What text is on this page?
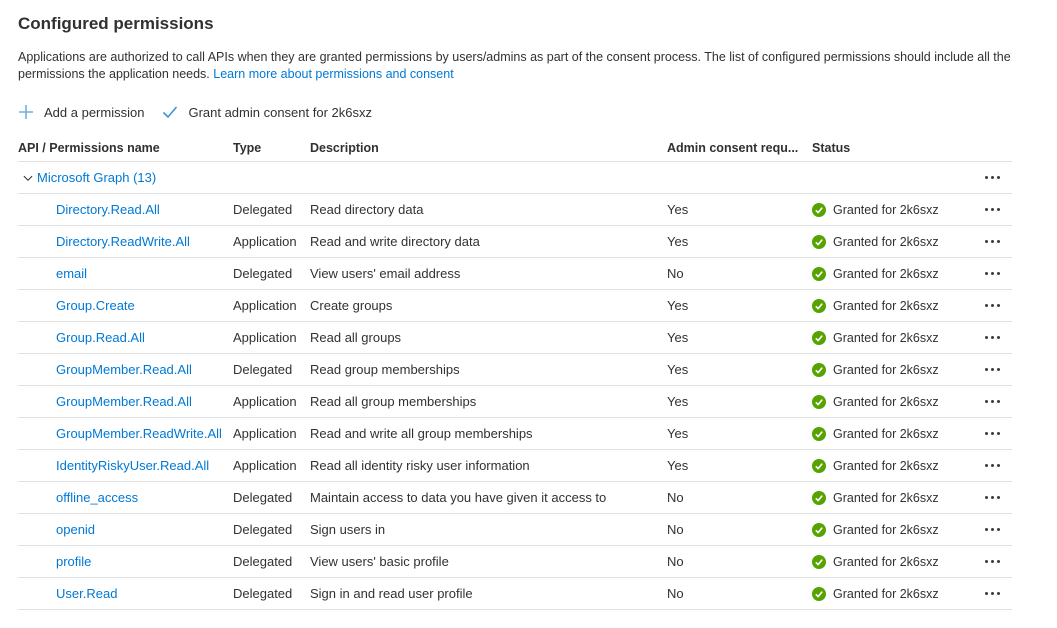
Configured permissions
Applications are authorized to call APIs when they are granted permissions by users/admins as part of the consent process. The list of configured permissions should include all the permissions the application needs. Learn more about permissions and consent
Add a permission	Grant admin consent for 2k6sxz
API / Permissions name	Type	Description	Admin consent requ...	Status
Microsoft Graph (13)
Directory.Read.All	Delegated	Read directory data	Yes	Granted for 2k6sxz
Directory.ReadWrite.All	Application	Read and write directory data	Yes	Granted for 2k6sxz
email	Delegated	View users' email address	No	Granted for 2k6sxz
Group.Create	Application	Create groups	Yes	Granted for 2k6sxz
Group.Read.All	Application	Read all groups	Yes	Granted for 2k6sxz
GroupMember.Read.All	Delegated	Read group memberships	Yes	Granted for 2k6sxz
GroupMember.Read.All	Application	Read all group memberships	Yes	Granted for 2k6sxz
GroupMember.ReadWrite.All Application	Read and write all group memberships	Yes	Granted for 2k6sxz
IdentityRiskyUser.Read.All	Application	Read all identity risky user information	Yes	Granted for 2k6sxz
offline_access	Delegated	Maintain access to data you have given it access to	No	Granted for 2k6sxz
openid	Delegated	Sign users in	No	Granted for 2k6sxz
profile	Delegated	View users' basic profile	No	Granted for 2k6sxz
User.Read	Delegated	Sign in and read user profile	No	Granted for 2k6sxz
